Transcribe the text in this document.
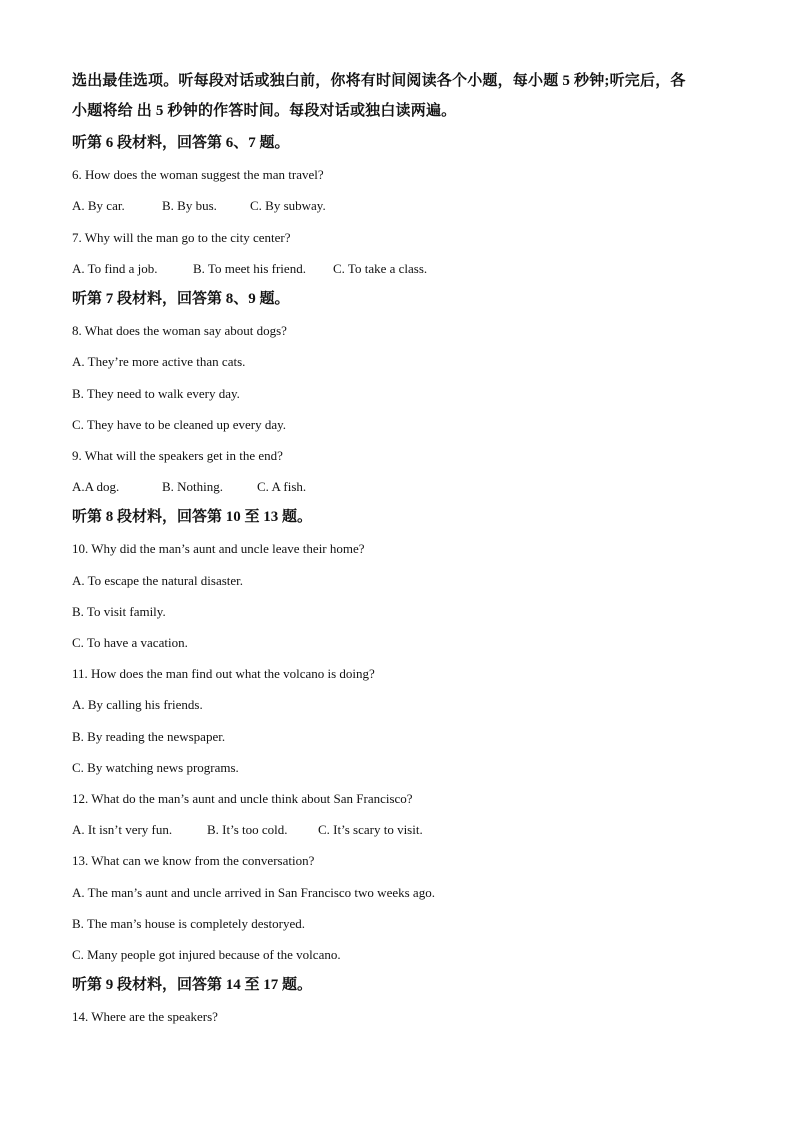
选出最佳选项。听每段对话或独白前，你将有时间阅读各个小题，每小题 5 秒钟;听完后，各
小题将给 出 5 秒钟的作答时间。每段对话或独白读两遍。
听第 6 段材料，回答第 6、7 题。
6. How does the woman suggest the man travel?
A. By car.	B. By bus.	C. By subway.
7. Why will the man go to the city center?
A. To find a job.	B. To meet his friend.	C. To take a class.
听第 7 段材料，回答第 8、9 题。
8. What does the woman say about dogs?
A. They’re more active than cats.
B. They need to walk every day.
C. They have to be cleaned up every day.
9. What will the speakers get in the end?
A.A dog.	B. Nothing.	C. A fish.
听第 8 段材料，回答第 10 至 13 题。
10. Why did the man’s aunt and uncle leave their home?
A. To escape the natural disaster.
B. To visit family.
C. To have a vacation.
11. How does the man find out what the volcano is doing?
A. By calling his friends.
B. By reading the newspaper.
C. By watching news programs.
12. What do the man’s aunt and uncle think about San Francisco?
A. It isn’t very fun.	B. It’s too cold.	C. It’s scary to visit.
13. What can we know from the conversation?
A. The man’s aunt and uncle arrived in San Francisco two weeks ago.
B. The man’s house is completely destoryed.
C. Many people got injured because of the volcano.
听第 9 段材料，回答第 14 至 17 题。
14. Where are the speakers?
